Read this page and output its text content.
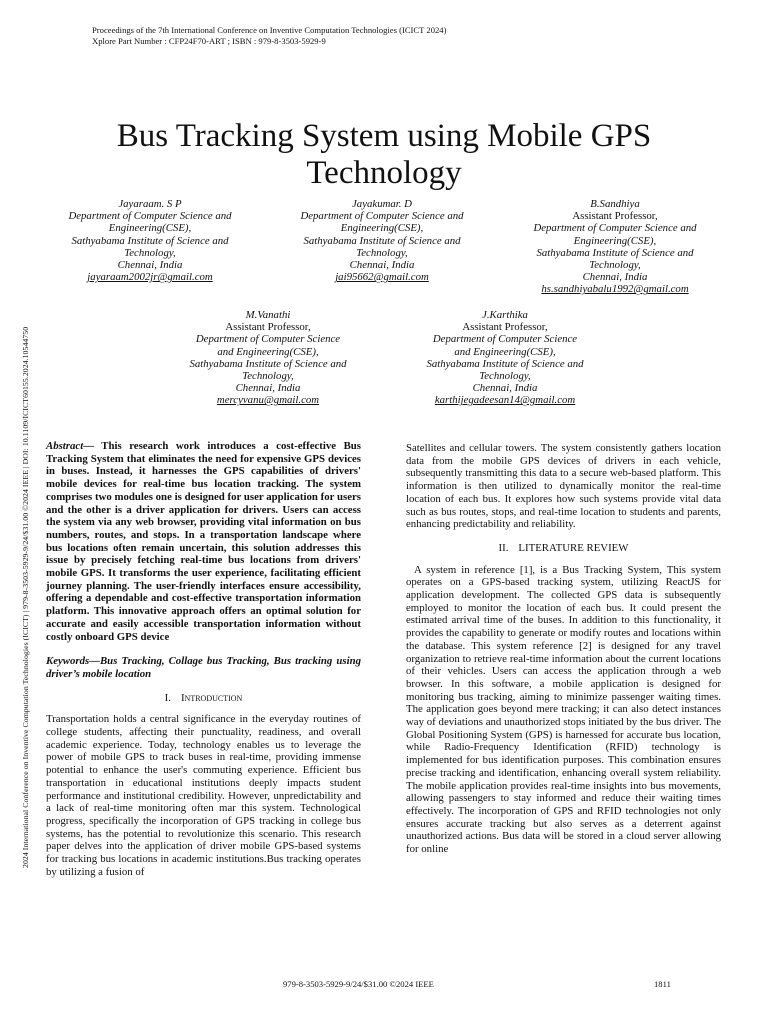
Proceedings of the 7th International Conference on Inventive Computation Technologies (ICICT 2024)
Xplore Part Number : CFP24F70-ART ; ISBN : 979-8-3503-5929-9
2024 International Conference on Inventive Computation Technologies (ICICT) | 979-8-3503-5929-9/24/$31.00 ©2024 IEEE | DOI: 10.1109/ICICT60155.2024.10544750
Bus Tracking System using Mobile GPS Technology
Jayaraam. S P
Department of Computer Science and
Engineering(CSE),
Sathyabama Institute of Science and
Technology,
Chennai, India
jayaraam2002jr@gmail.com
Jayakumar. D
Department of Computer Science and
Engineering(CSE),
Sathyabama Institute of Science and
Technology,
Chennai, India
jai95662@gmail.com
B.Sandhiya
Assistant Professor,
Department of Computer Science and
Engineering(CSE),
Sathyabama Institute of Science and
Technology,
Chennai, India
hs.sandhiyabalu1992@gmail.com
M.Vanathi
Assistant Professor,
Department of Computer Science
and Engineering(CSE),
Sathyabama Institute of Science and
Technology,
Chennai, India
mercyvanu@gmail.com
J.Karthika
Assistant Professor,
Department of Computer Science
and Engineering(CSE),
Sathyabama Institute of Science and
Technology,
Chennai, India
karthijegadeesan14@gmail.com

Abstract— This research work introduces a cost-effective Bus Tracking System that eliminates the need for expensive GPS devices in buses. Instead, it harnesses the GPS capabilities of drivers' mobile devices for real-time bus location tracking. The system comprises two modules one is designed for user application for users and the other is a driver application for drivers. Users can access the system via any web browser, providing vital information on bus numbers, routes, and stops. In a transportation landscape where bus locations often remain uncertain, this solution addresses this issue by precisely fetching real-time bus locations from drivers' mobile GPS. It transforms the user experience, facilitating efficient journey planning. The user-friendly interfaces ensure accessibility, offering a dependable and cost-effective transportation information platform. This innovative approach offers an optimal solution for accurate and easily accessible transportation information without costly onboard GPS device

Keywords—Bus Tracking, Collage bus Tracking, Bus tracking using driver’s mobile location

I. Introduction

Transportation holds a central significance in the everyday routines of college students, affecting their punctuality, readiness, and overall academic experience. Today, technology enables us to leverage the power of mobile GPS to track buses in real-time, providing immense potential to enhance the user's commuting experience. Efficient bus transportation in educational institutions deeply impacts student performance and institutional credibility. However, unpredictability and a lack of real-time monitoring often mar this system. Technological progress, specifically the incorporation of GPS tracking in college bus systems, has the potential to revolutionize this scenario. This research paper delves into the application of driver mobile GPS-based systems for tracking bus locations in academic institutions.Bus tracking operates by utilizing a fusion of

Satellites and cellular towers. The system consistently gathers location data from the mobile GPS devices of drivers in each vehicle, subsequently transmitting this data to a secure web-based platform. This information is then utilized to dynamically monitor the real-time location of each bus. It explores how such systems provide vital data such as bus routes, stops, and real-time location to students and parents, enhancing predictability and reliability.

II. LITERATURE REVIEW

A system in reference [1], is a Bus Tracking System, This system operates on a GPS-based tracking system, utilizing ReactJS for application development. The collected GPS data is subsequently employed to monitor the location of each bus. It could present the estimated arrival time of the buses. In addition to this functionality, it provides the capability to generate or modify routes and locations within the database. This system reference [2] is designed for any travel organization to retrieve real-time information about the current locations of their vehicles. Users can access the application through a web browser. In this software, a mobile application is designed for monitoring bus tracking, aiming to minimize passenger waiting times. The application goes beyond mere tracking; it can also detect instances way of deviations and unauthorized stops initiated by the bus driver. The Global Positioning System (GPS) is harnessed for accurate bus location, while Radio-Frequency Identification (RFID) technology is implemented for bus identification purposes. This combination ensures precise tracking and identification, enhancing overall system reliability. The mobile application provides real-time insights into bus movements, allowing passengers to stay informed and reduce their waiting times effectively. The incorporation of GPS and RFID technologies not only ensures accurate tracking but also serves as a deterrent against unauthorized actions. Bus data will be stored in a cloud server allowing for online

979-8-3503-5929-9/24/$31.00 ©2024 IEEE	1811
